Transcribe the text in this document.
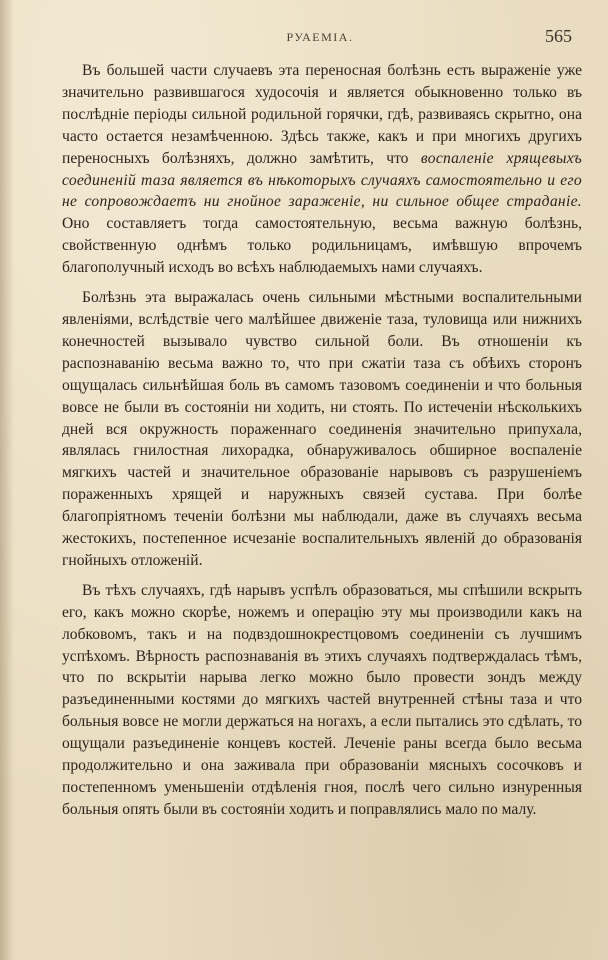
РУАЕМІА.	565

Въ большей части случаевъ эта переносная болѣзнь есть выраженіе уже значительно развившагося худосочія и является обыкновенно только въ послѣдніе періоды сильной родильной горячки, гдѣ, развиваясь скрытно, она часто остается незамѣченною. Здѣсь также, какъ и при многихъ другихъ переносныхъ болѣзняхъ, должно замѣтить, что воспаленіе хрящевыхъ соединеній таза является въ нѣкоторыхъ случаяхъ самостоятельно и его не сопровождаетъ ни гнойное зараженіе, ни сильное общее страданіе. Оно составляетъ тогда самостоятельную, весьма важную болѣзнь, свойственную однѣмъ только родильницамъ, имѣвшую впрочемъ благополучный исходъ во всѣхъ наблюдаемыхъ нами случаяхъ.

Болѣзнь эта выражалась очень сильными мѣстными воспалительными явленіями, вслѣдствіе чего малѣйшее движеніе таза, туловища или нижнихъ конечностей вызывало чувство сильной боли. Въ отношеніи къ распознаванію весьма важно то, что при сжатіи таза съ обѣихъ сторонъ ощущалась сильнѣйшая боль въ самомъ тазовомъ соединеніи и что больныя вовсе не были въ состояніи ни ходить, ни стоять. По истеченіи нѣсколькихъ дней вся окружность пораженнаго соединенія значительно припухала, являлась гнилостная лихорадка, обнаруживалось обширное воспаленіе мягкихъ частей и значительное образованіе нарывовъ съ разрушеніемъ пораженныхъ хрящей и наружныхъ связей сустава. При болѣе благопріятномъ теченіи болѣзни мы наблюдали, даже въ случаяхъ весьма жестокихъ, постепенное исчезаніе воспалительныхъ явленій до образованія гнойныхъ отложеній.

Въ тѣхъ случаяхъ, гдѣ нарывъ успѣлъ образоваться, мы спѣшили вскрыть его, какъ можно скорѣе, ножемъ и операцію эту мы производили какъ на лобковомъ, такъ и на подвздошнокрестцовомъ соединеніи съ лучшимъ успѣхомъ. Вѣрность распознаванія въ этихъ случаяхъ подтверждалась тѣмъ, что по вскрытіи нарыва легко можно было провести зондъ между разъединенными костями до мягкихъ частей внутренней стѣны таза и что больныя вовсе не могли держаться на ногахъ, а если пытались это сдѣлать, то ощущали разъединеніе концевъ костей. Леченіе раны всегда было весьма продолжительно и она заживала при образованіи мясныхъ сосочковъ и постепенномъ уменьшеніи отдѣленія гноя, послѣ чего сильно изнуренныя больныя опять были въ состояніи ходить и поправлялись мало по малу.
